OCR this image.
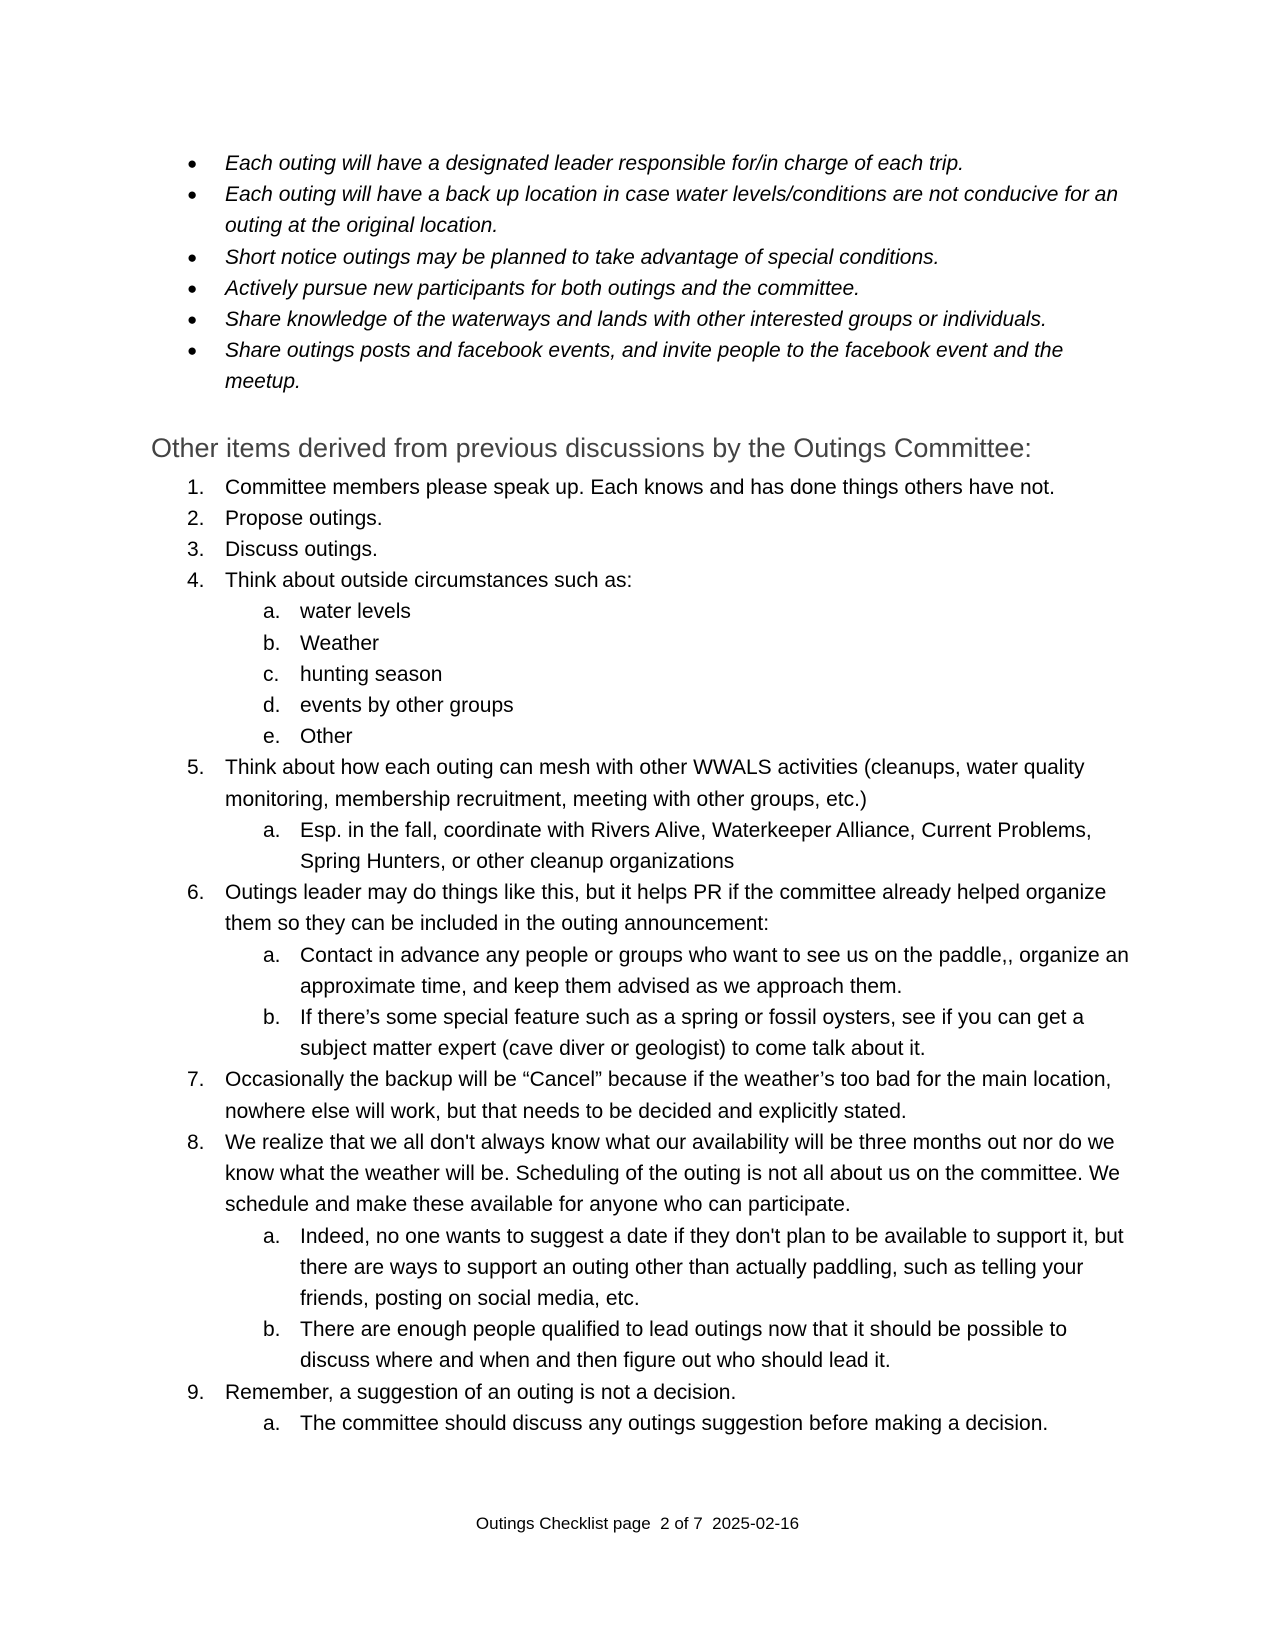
● Each outing will have a designated leader responsible for/in charge of each trip.
● Each outing will have a back up location in case water levels/conditions are not conducive for an outing at the original location.
● Short notice outings may be planned to take advantage of special conditions.
● Actively pursue new participants for both outings and the committee.
● Share knowledge of the waterways and lands with other interested groups or individuals.
● Share outings posts and facebook events, and invite people to the facebook event and the meetup.
Other items derived from previous discussions by the Outings Committee:
1. Committee members please speak up. Each knows and has done things others have not.
2. Propose outings.
3. Discuss outings.
4. Think about outside circumstances such as:
a. water levels
b. Weather
c. hunting season
d. events by other groups
e. Other
5. Think about how each outing can mesh with other WWALS activities (cleanups, water quality monitoring, membership recruitment, meeting with other groups, etc.)
a. Esp. in the fall, coordinate with Rivers Alive, Waterkeeper Alliance, Current Problems, Spring Hunters, or other cleanup organizations
6. Outings leader may do things like this, but it helps PR if the committee already helped organize them so they can be included in the outing announcement:
a. Contact in advance any people or groups who want to see us on the paddle,, organize an approximate time, and keep them advised as we approach them.
b. If there’s some special feature such as a spring or fossil oysters, see if you can get a subject matter expert (cave diver or geologist) to come talk about it.
7. Occasionally the backup will be “Cancel” because if the weather’s too bad for the main location, nowhere else will work, but that needs to be decided and explicitly stated.
8. We realize that we all don't always know what our availability will be three months out nor do we know what the weather will be. Scheduling of the outing is not all about us on the committee. We schedule and make these available for anyone who can participate.
a. Indeed, no one wants to suggest a date if they don't plan to be available to support it, but there are ways to support an outing other than actually paddling, such as telling your friends, posting on social media, etc.
b. There are enough people qualified to lead outings now that it should be possible to discuss where and when and then figure out who should lead it.
9. Remember, a suggestion of an outing is not a decision.
a. The committee should discuss any outings suggestion before making a decision.
Outings Checklist page  2 of 7  2025-02-16
